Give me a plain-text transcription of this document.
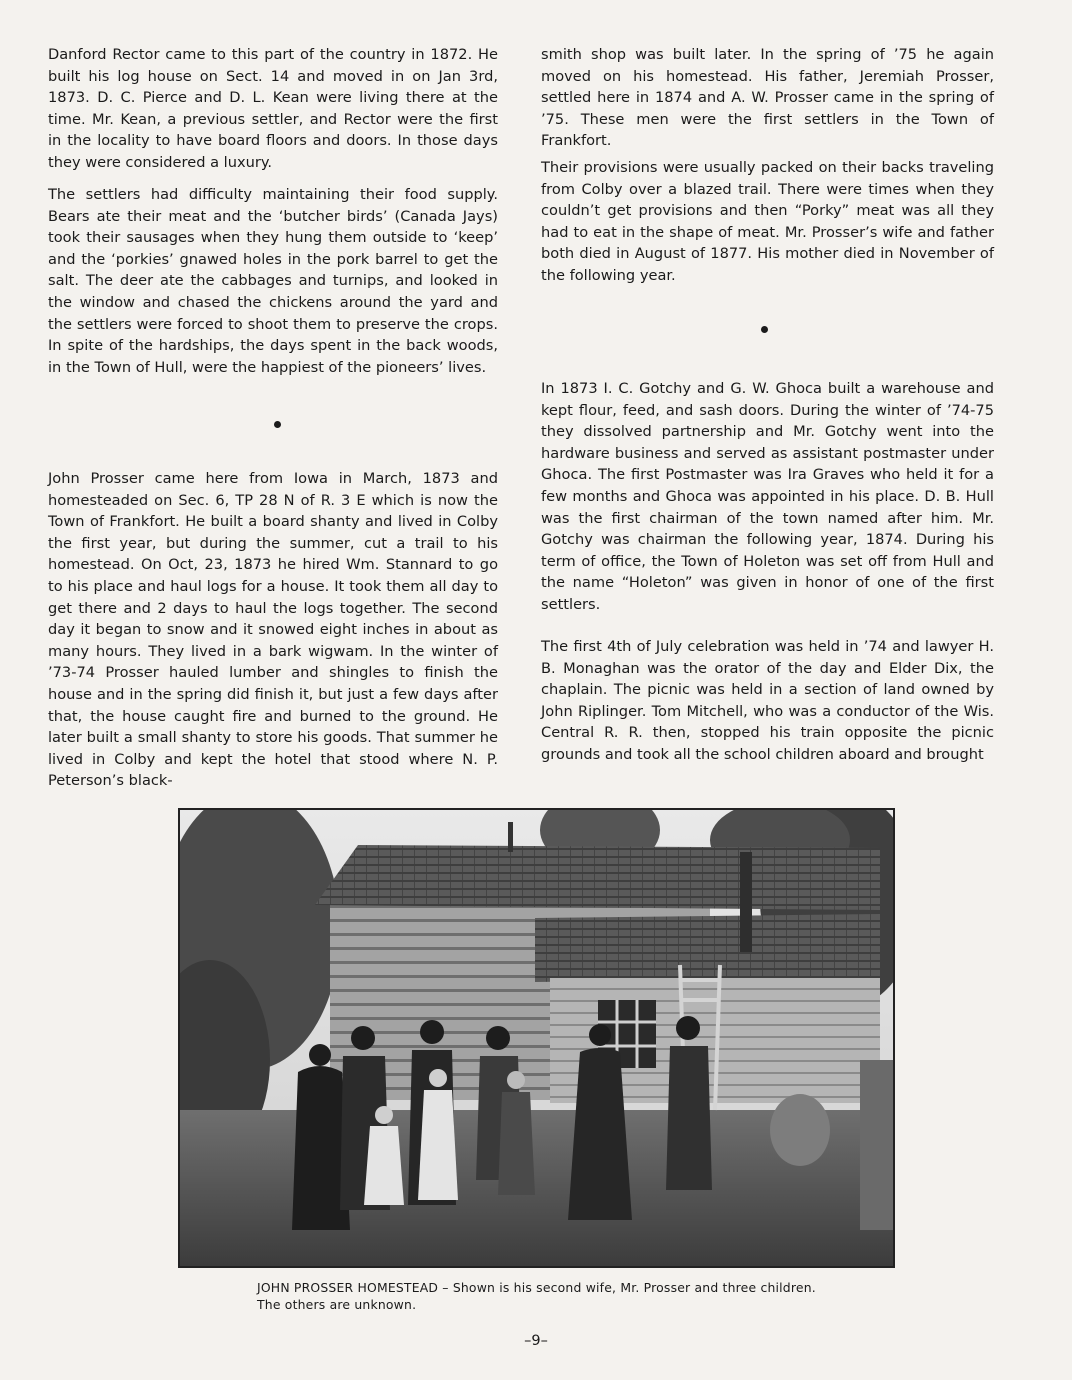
Danford Rector came to this part of the country in 1872. He built his log house on Sect. 14 and moved in on Jan 3rd, 1873. D. C. Pierce and D. L. Kean were living there at the time. Mr. Kean, a previous settler, and Rector were the first in the locality to have board floors and doors. In those days they were considered a luxury.

The settlers had difficulty maintaining their food supply. Bears ate their meat and the ‘butcher birds’ (Canada Jays) took their sausages when they hung them outside to ‘keep’ and the ‘porkies’ gnawed holes in the pork barrel to get the salt. The deer ate the cabbages and turnips, and looked in the window and chased the chickens around the yard and the settlers were forced to shoot them to preserve the crops. In spite of the hardships, the days spent in the back woods, in the Town of Hull, were the happiest of the pioneers’ lives.

John Prosser came here from Iowa in March, 1873 and homesteaded on Sec. 6, TP 28 N of R. 3 E which is now the Town of Frankfort. He built a board shanty and lived in Colby the first year, but during the summer, cut a trail to his homestead. On Oct, 23, 1873 he hired Wm. Stannard to go to his place and haul logs for a house. It took them all day to get there and 2 days to haul the logs together. The second day it began to snow and it snowed eight inches in about as many hours. They lived in a bark wigwam. In the winter of ’73-74 Prosser hauled lumber and shingles to finish the house and in the spring did finish it, but just a few days after that, the house caught fire and burned to the ground. He later built a small shanty to store his goods. That summer he lived in Colby and kept the hotel that stood where N. P. Peterson’s black-

smith shop was built later. In the spring of ’75 he again moved on his homestead. His father, Jeremiah Prosser, settled here in 1874 and A. W. Prosser came in the spring of ’75. These men were the first settlers in the Town of Frankfort.

Their provisions were usually packed on their backs traveling from Colby over a blazed trail. There were times when they couldn’t get provisions and then “Porky” meat was all they had to eat in the shape of meat. Mr. Prosser’s wife and father both died in August of 1877. His mother died in November of the following year.

In 1873 I. C. Gotchy and G. W. Ghoca built a warehouse and kept flour, feed, and sash doors. During the winter of ’74-75 they dissolved partnership and Mr. Gotchy went into the hardware business and served as assistant postmaster under Ghoca. The first Postmaster was Ira Graves who held it for a few months and Ghoca was appointed in his place. D. B. Hull was the first chairman of the town named after him. Mr. Gotchy was chairman the following year, 1874. During his term of office, the Town of Holeton was set off from Hull and the name “Holeton” was given in honor of one of the first settlers.

The first 4th of July celebration was held in ’74 and lawyer H. B. Monaghan was the orator of the day and Elder Dix, the chaplain. The picnic was held in a section of land owned by John Riplinger. Tom Mitchell, who was a conductor of the Wis. Central R. R. then, stopped his train opposite the picnic grounds and took all the school children aboard and brought

JOHN PROSSER HOMESTEAD – Shown is his second wife, Mr. Prosser and three children. The others are unknown.
–9–
